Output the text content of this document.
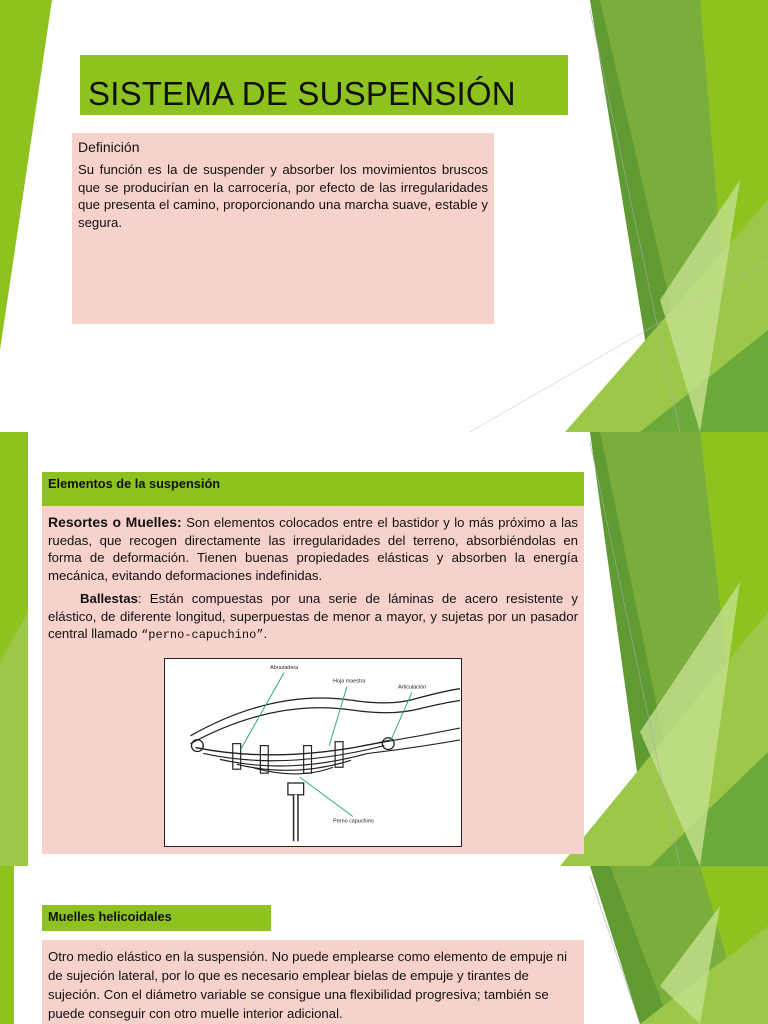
SISTEMA DE SUSPENSIÓN
Definición
Su función es la de suspender y absorber los movimientos bruscos que se producirían en la carrocería, por efecto de las irregularidades que presenta el camino, proporcionando una marcha suave, estable y segura.
Elementos de la suspensión
Resortes o Muelles: Son elementos colocados entre el bastidor y lo más próximo a las ruedas, que recogen directamente las irregularidades del terreno, absorbiéndolas en forma de deformación. Tienen buenas propiedades elásticas y absorben la energía mecánica, evitando deformaciones indefinidas.
Ballestas: Están compuestas por una serie de láminas de acero resistente y elástico, de diferente longitud, superpuestas de menor a mayor, y sujetas por un pasador central llamado “perno-capuchino”.
Abrazadera
Hoja maestra
Articulación
Perno capuchino
Muelles helicoidales
Otro medio elástico en la suspensión. No puede emplearse como elemento de empuje ni de sujeción lateral, por lo que es necesario emplear bielas de empuje y tirantes de sujeción. Con el diámetro variable se consigue una flexibilidad progresiva; también se puede conseguir con otro muelle interior adicional.
